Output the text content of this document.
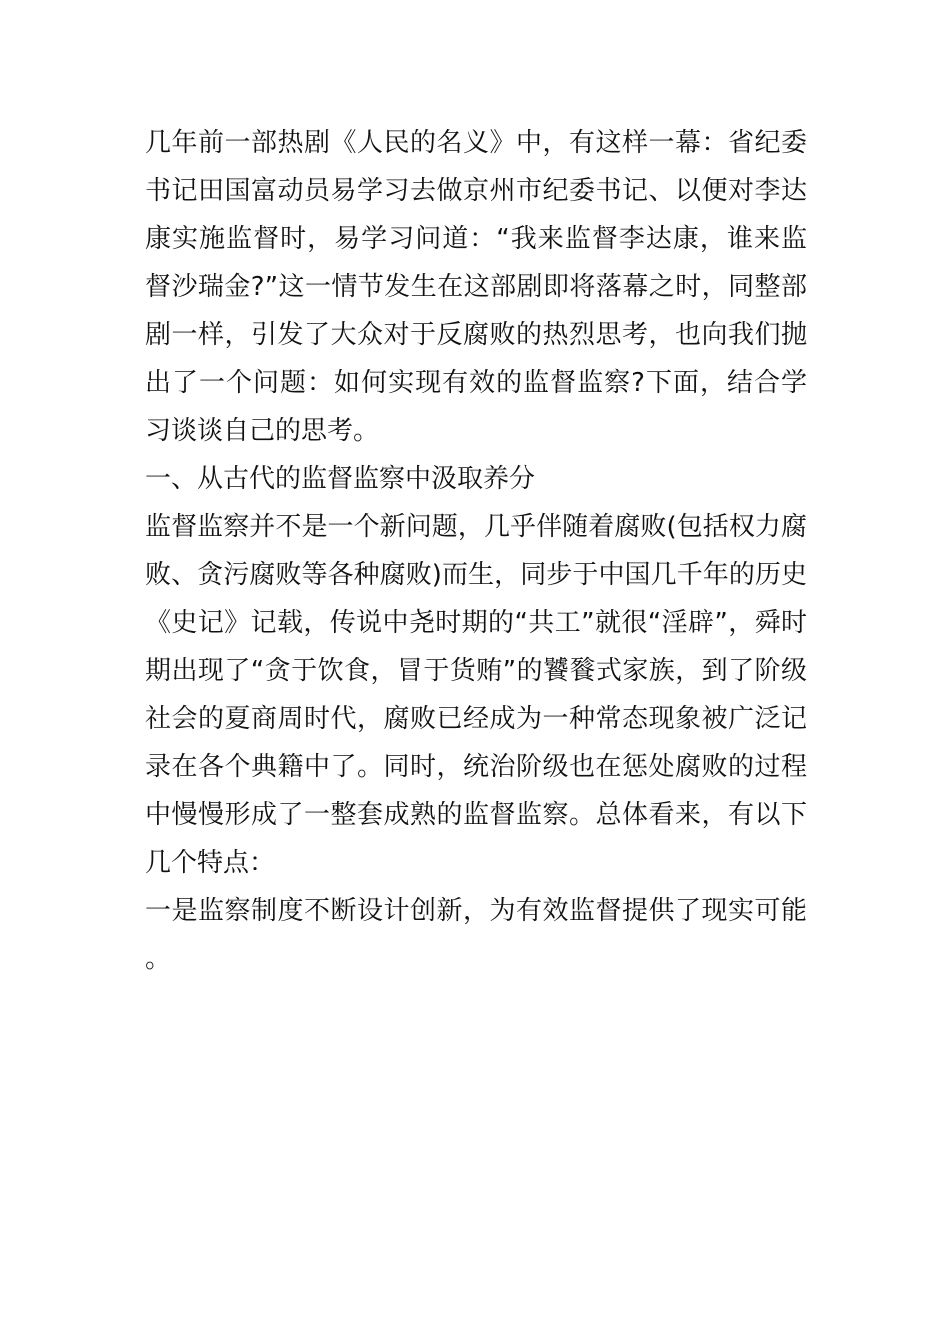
几年前一部热剧《人民的名义》中，有这样一幕：省纪委书记田国富动员易学习去做京州市纪委书记、以便对李达康实施监督时，易学习问道：“我来监督李达康，谁来监督沙瑞金?”这一情节发生在这部剧即将落幕之时，同整部剧一样，引发了大众对于反腐败的热烈思考，也向我们抛出了一个问题：如何实现有效的监督监察?下面，结合学习谈谈自己的思考。

一、从古代的监督监察中汲取养分

监督监察并不是一个新问题，几乎伴随着腐败(包括权力腐败、贪污腐败等各种腐败)而生，同步于中国几千年的历史《史记》记载，传说中尧时期的“共工”就很“淫辟”，舜时期出现了“贪于饮食，冒于货贿”的饕餮式家族，到了阶级社会的夏商周时代，腐败已经成为一种常态现象被广泛记录在各个典籍中了。同时，统治阶级也在惩处腐败的过程中慢慢形成了一整套成熟的监督监察。总体看来，有以下几个特点：

一是监察制度不断设计创新，为有效监督提供了现实可能。
